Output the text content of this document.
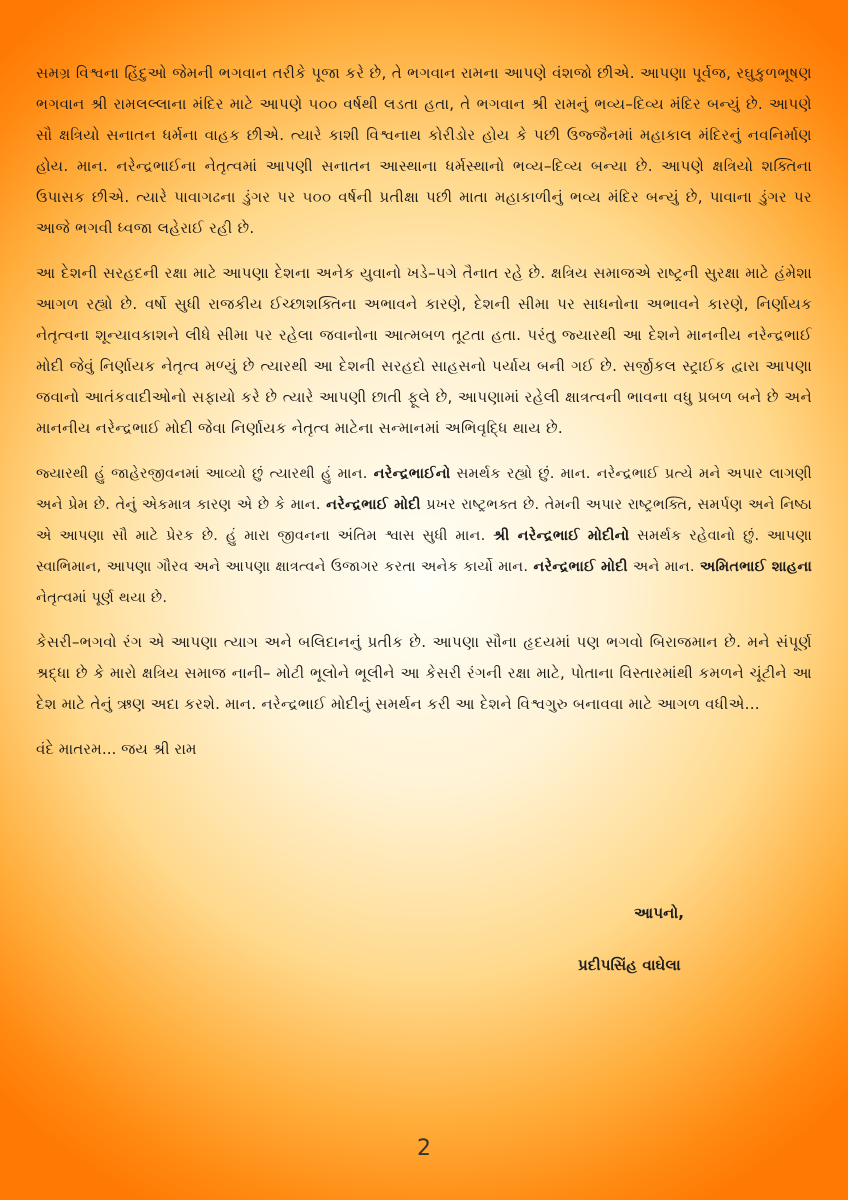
સમગ્ર વિશ્વના હિંદુઓ જેમની ભગવાન તરીકે પૂજા કરે છે, તે ભગવાન રામના આપણે વંશજો છીએ. આપણા પૂર્વજ, રઘુકુળભૂષણ ભગવાન શ્રી રામલલ્લાના મંદિર માટે આપણે ૫૦૦ વર્ષથી લડતા હતા, તે ભગવાન શ્રી રામનું ભવ્ય–દિવ્ય મંદિર બન્યું છે. આપણે સૌ ક્ષત્રિયો સનાતન ધર્મના વાહક છીએ. ત્યારે કાશી વિશ્વનાથ કોરીડોર હોય કે પછી ઉજ્જૈનમાં મહાકાલ મંદિરનું નવનિર્માણ હોય. માન. નરેન્દ્રભાઈના નેતૃત્વમાં આપણી સનાતન આસ્થાના ધર્મસ્થાનો ભવ્ય–દિવ્ય બન્યા છે. આપણે ક્ષત્રિયો શક્તિના ઉપાસક છીએ. ત્યારે પાવાગઢના ડુંગર પર ૫૦૦ વર્ષની પ્રતીક્ષા પછી માતા મહાકાળીનું ભવ્ય મંદિર બન્યું છે, પાવાના ડુંગર પર આજે ભગવી ધ્વજા લહેરાઈ રહી છે.

આ દેશની સરહદની રક્ષા માટે આપણા દેશના અનેક યુવાનો ખડે–પગે તૈનાત રહે છે. ક્ષત્રિય સમાજએ રાષ્ટ્રની સુરક્ષા માટે હંમેશા આગળ રહ્યો છે. વર્ષો સુધી રાજકીય ઈચ્છાશક્તિના અભાવને કારણે, દેશની સીમા પર સાધનોના અભાવને કારણે, નિર્ણાયક નેતૃત્વના શૂન્યાવકાશને લીધે સીમા પર રહેલા જવાનોના આત્મબળ તૂટતા હતા. પરંતુ જ્યારથી આ દેશને માનનીય નરેન્દ્રભાઈ મોદી જેવું નિર્ણાયક નેતૃત્વ મળ્યું છે ત્યારથી આ દેશની સરહદો સાહસનો પર્યાય બની ગઈ છે. સર્જીકલ સ્ટ્રાઈક દ્વારા આપણા જવાનો આતંકવાદીઓનો સફાયો કરે છે ત્યારે આપણી છાતી ફૂલે છે, આપણામાં રહેલી ક્ષાત્રત્વની ભાવના વધુ પ્રબળ બને છે અને માનનીય નરેન્દ્રભાઈ મોદી જેવા નિર્ણાયક નેતૃત્વ માટેના સન્માનમાં અભિવૃદ્ધિ થાય છે.

જ્યારથી હું જાહેરજીવનમાં આવ્યો છું ત્યારથી હું માન. નરેન્દ્રભાઈનો સમર્થક રહ્યો છું. માન. નરેન્દ્રભાઈ પ્રત્યે મને અપાર લાગણી અને પ્રેમ છે. તેનું એકમાત્ર કારણ એ છે કે માન. નરેન્દ્રભાઈ મોદી પ્રખર રાષ્ટ્રભક્ત છે. તેમની અપાર રાષ્ટ્રભક્તિ, સમર્પણ અને નિષ્ઠા એ આપણા સૌ માટે પ્રેરક છે. હું મારા જીવનના અંતિમ શ્વાસ સુધી માન. શ્રી નરેન્દ્રભાઈ મોદીનો સમર્થક રહેવાનો છું. આપણા સ્વાભિમાન, આપણા ગૌરવ અને આપણા ક્ષાત્રત્વને ઉજાગર કરતા અનેક કાર્યો માન. નરેન્દ્રભાઈ મોદી અને માન. અમિતભાઈ શાહના નેતૃત્વમાં પૂર્ણ થયા છે.

કેસરી–ભગવો રંગ એ આપણા ત્યાગ અને બલિદાનનું પ્રતીક છે. આપણા સૌના હૃદયમાં પણ ભગવો બિરાજમાન છે. મને સંપૂર્ણ શ્રદ્ધા છે કે મારો ક્ષત્રિય સમાજ નાની– મોટી ભૂલોને ભૂલીને આ કેસરી રંગની રક્ષા માટે, પોતાના વિસ્તારમાંથી કમળને ચૂંટીને આ દેશ માટે તેનું ઋણ અદા કરશે. માન. નરેન્દ્રભાઈ મોદીનું સમર્થન કરી આ દેશને વિશ્વગુરુ બનાવવા માટે આગળ વધીએ...

વંદે માતરમ... જય શ્રી રામ

આપનો,
પ્રદીપસિંહ વાઘેલા
2
